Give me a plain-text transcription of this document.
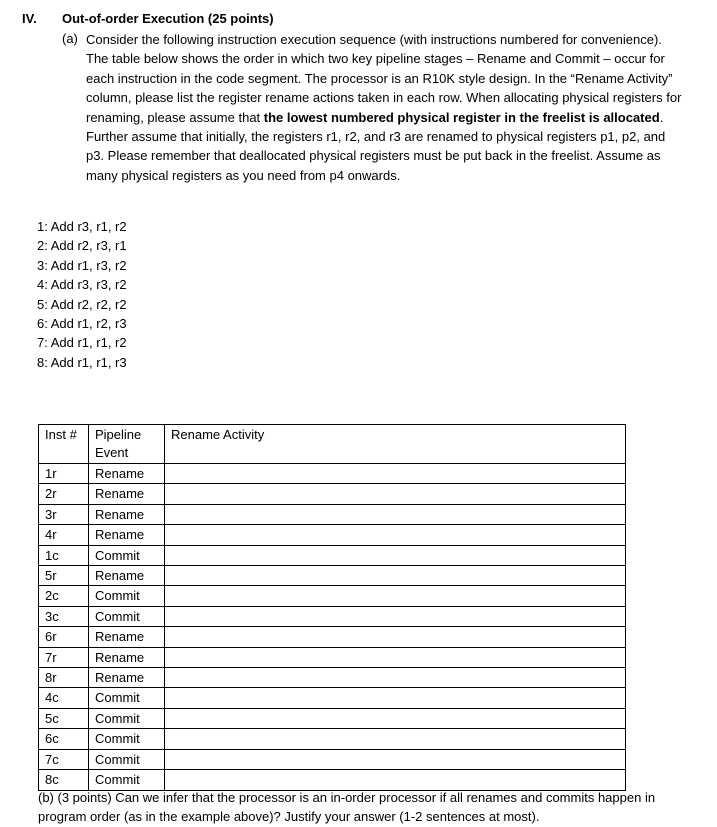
IV. Out-of-order Execution (25 points)
(a) Consider the following instruction execution sequence (with instructions numbered for convenience). The table below shows the order in which two key pipeline stages – Rename and Commit – occur for each instruction in the code segment. The processor is an R10K style design. In the “Rename Activity” column, please list the register rename actions taken in each row. When allocating physical registers for renaming, please assume that the lowest numbered physical register in the freelist is allocated. Further assume that initially, the registers r1, r2, and r3 are renamed to physical registers p1, p2, and p3. Please remember that deallocated physical registers must be put back in the freelist. Assume as many physical registers as you need from p4 onwards.
1: Add r3, r1, r2
2: Add r2, r3, r1
3: Add r1, r3, r2
4: Add r3, r3, r2
5: Add r2, r2, r2
6: Add r1, r2, r3
7: Add r1, r1, r2
8: Add r1, r1, r3
Inst #	Pipeline Event	Rename Activity
1r	Rename	
2r	Rename	
3r	Rename	
4r	Rename	
1c	Commit	
5r	Rename	
2c	Commit	
3c	Commit	
6r	Rename	
7r	Rename	
8r	Rename	
4c	Commit	
5c	Commit	
6c	Commit	
7c	Commit	
8c	Commit	
(b) (3 points) Can we infer that the processor is an in-order processor if all renames and commits happen in program order (as in the example above)? Justify your answer (1-2 sentences at most).
